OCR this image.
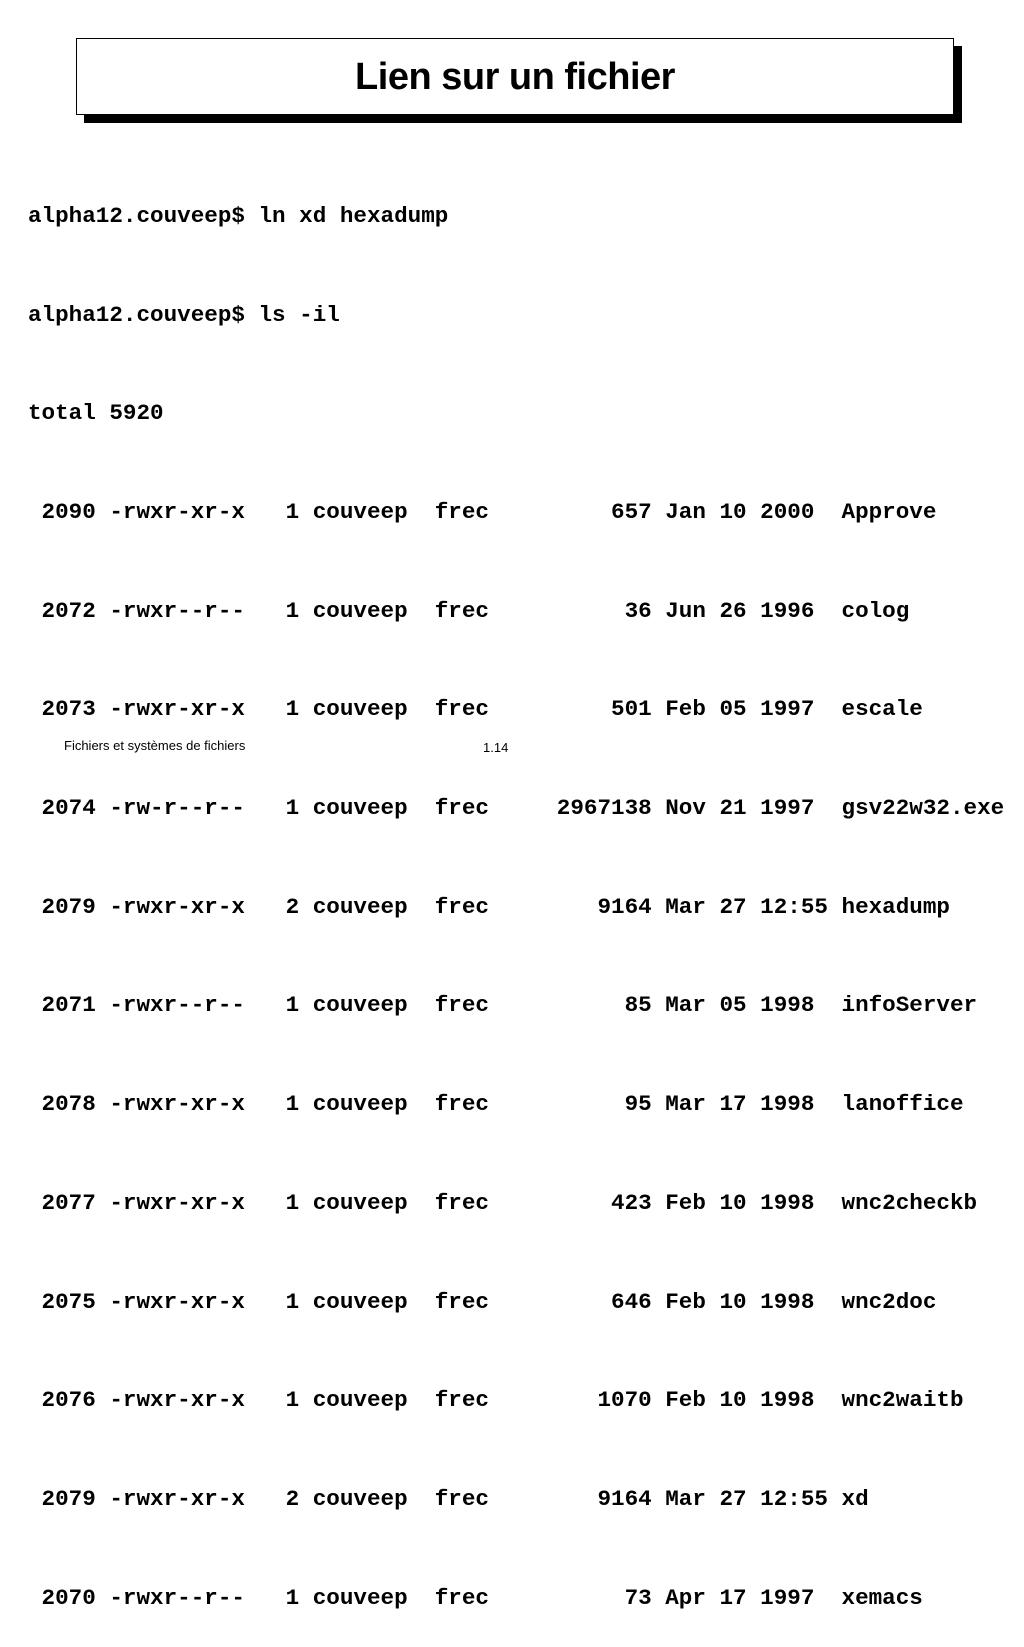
Lien sur un fichier

alpha12.couveep$ ln xd hexadump

alpha12.couveep$ ls -il

total 5920

2090 -rwxr-xr-x   1 couveep  frec         657 Jan 10 2000  Approve

2072 -rwxr--r--   1 couveep  frec          36 Jun 26 1996  colog

2073 -rwxr-xr-x   1 couveep  frec         501 Feb 05 1997  escale

2074 -rw-r--r--   1 couveep  frec     2967138 Nov 21 1997  gsv22w32.exe

2079 -rwxr-xr-x   2 couveep  frec        9164 Mar 27 12:55 hexadump

2071 -rwxr--r--   1 couveep  frec          85 Mar 05 1998  infoServer

2078 -rwxr-xr-x   1 couveep  frec          95 Mar 17 1998  lanoffice

2077 -rwxr-xr-x   1 couveep  frec         423 Feb 10 1998  wnc2checkb

2075 -rwxr-xr-x   1 couveep  frec         646 Feb 10 1998  wnc2doc

2076 -rwxr-xr-x   1 couveep  frec        1070 Feb 10 1998  wnc2waitb

2079 -rwxr-xr-x   2 couveep  frec        9164 Mar 27 12:55 xd

2070 -rwxr--r--   1 couveep  frec          73 Apr 17 1997  xemacs

Fichiers et systèmes de fichiers	1.14
